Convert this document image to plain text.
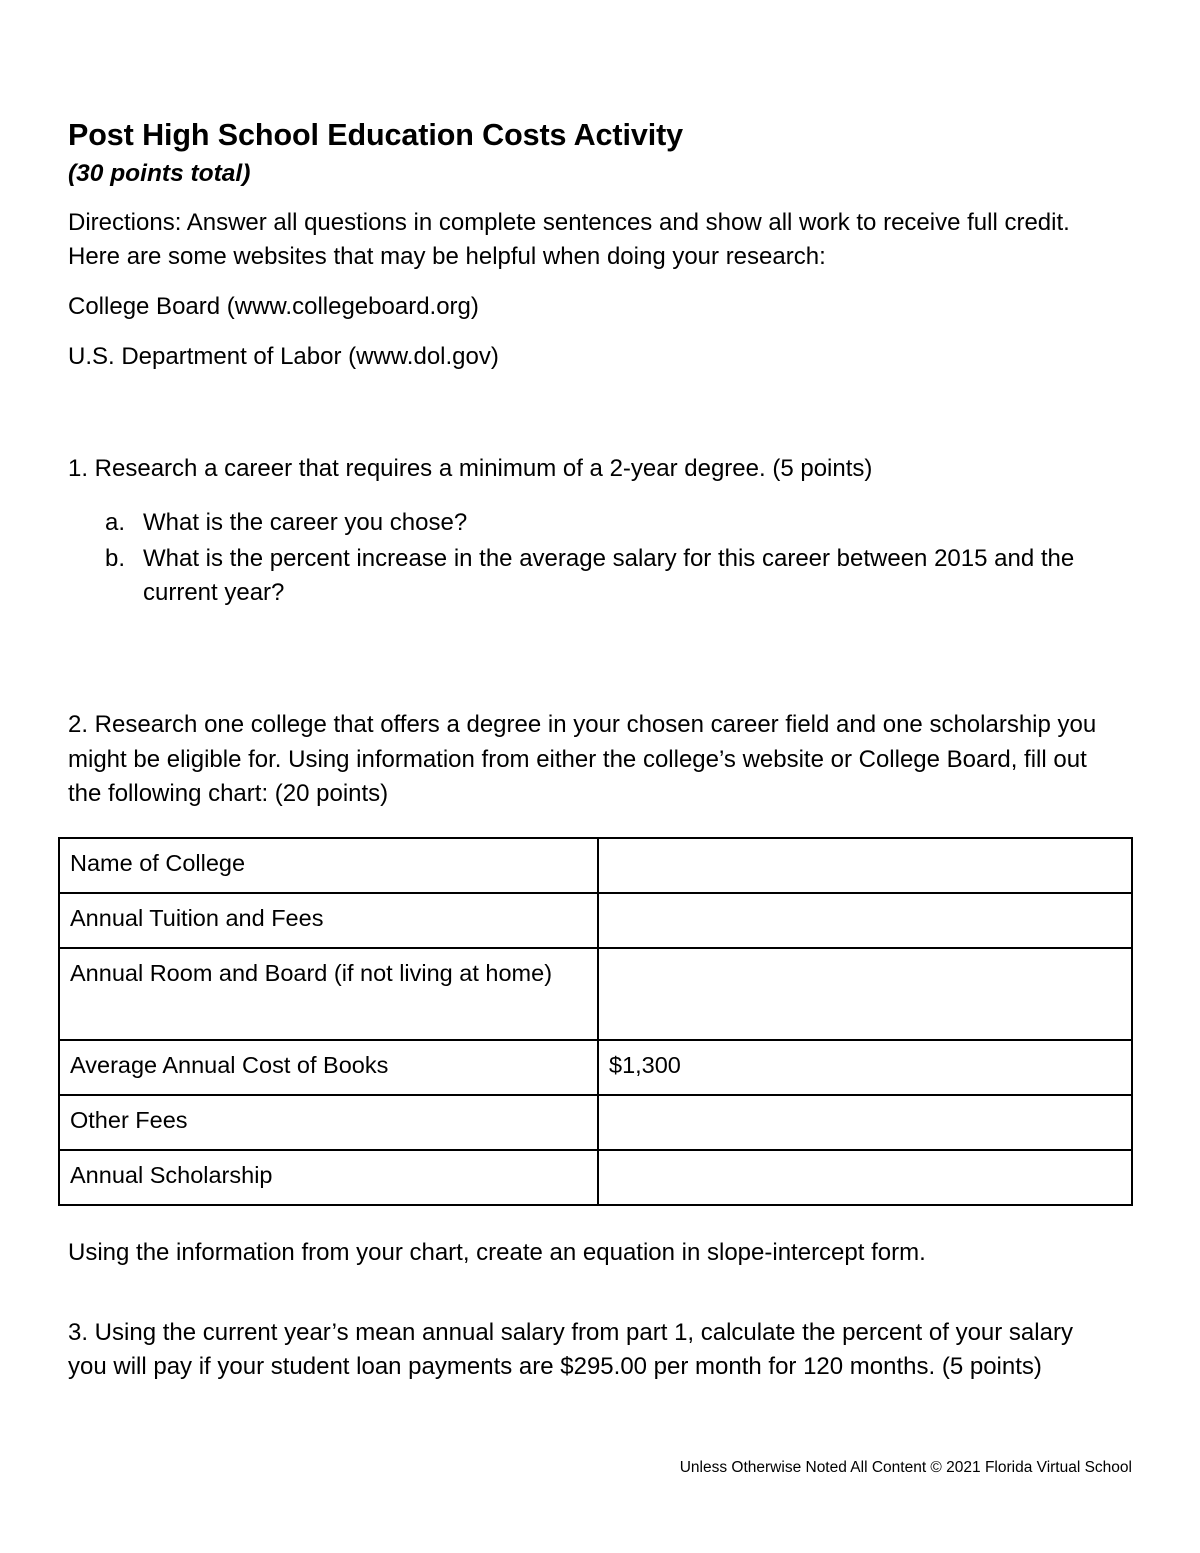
Post High School Education Costs Activity
(30 points total)

Directions: Answer all questions in complete sentences and show all work to receive full credit. Here are some websites that may be helpful when doing your research:

College Board (www.collegeboard.org)

U.S. Department of Labor (www.dol.gov)

1. Research a career that requires a minimum of a 2-year degree. (5 points)

a. What is the career you chose?
b. What is the percent increase in the average salary for this career between 2015 and the current year?

2. Research one college that offers a degree in your chosen career field and one scholarship you might be eligible for. Using information from either the college’s website or College Board, fill out the following chart: (20 points)

Name of College	
Annual Tuition and Fees	
Annual Room and Board (if not living at home)	
Average Annual Cost of Books	$1,300
Other Fees	
Annual Scholarship	

Using the information from your chart, create an equation in slope-intercept form.

3. Using the current year’s mean annual salary from part 1, calculate the percent of your salary you will pay if your student loan payments are $295.00 per month for 120 months. (5 points)

Unless Otherwise Noted All Content © 2021 Florida Virtual School
